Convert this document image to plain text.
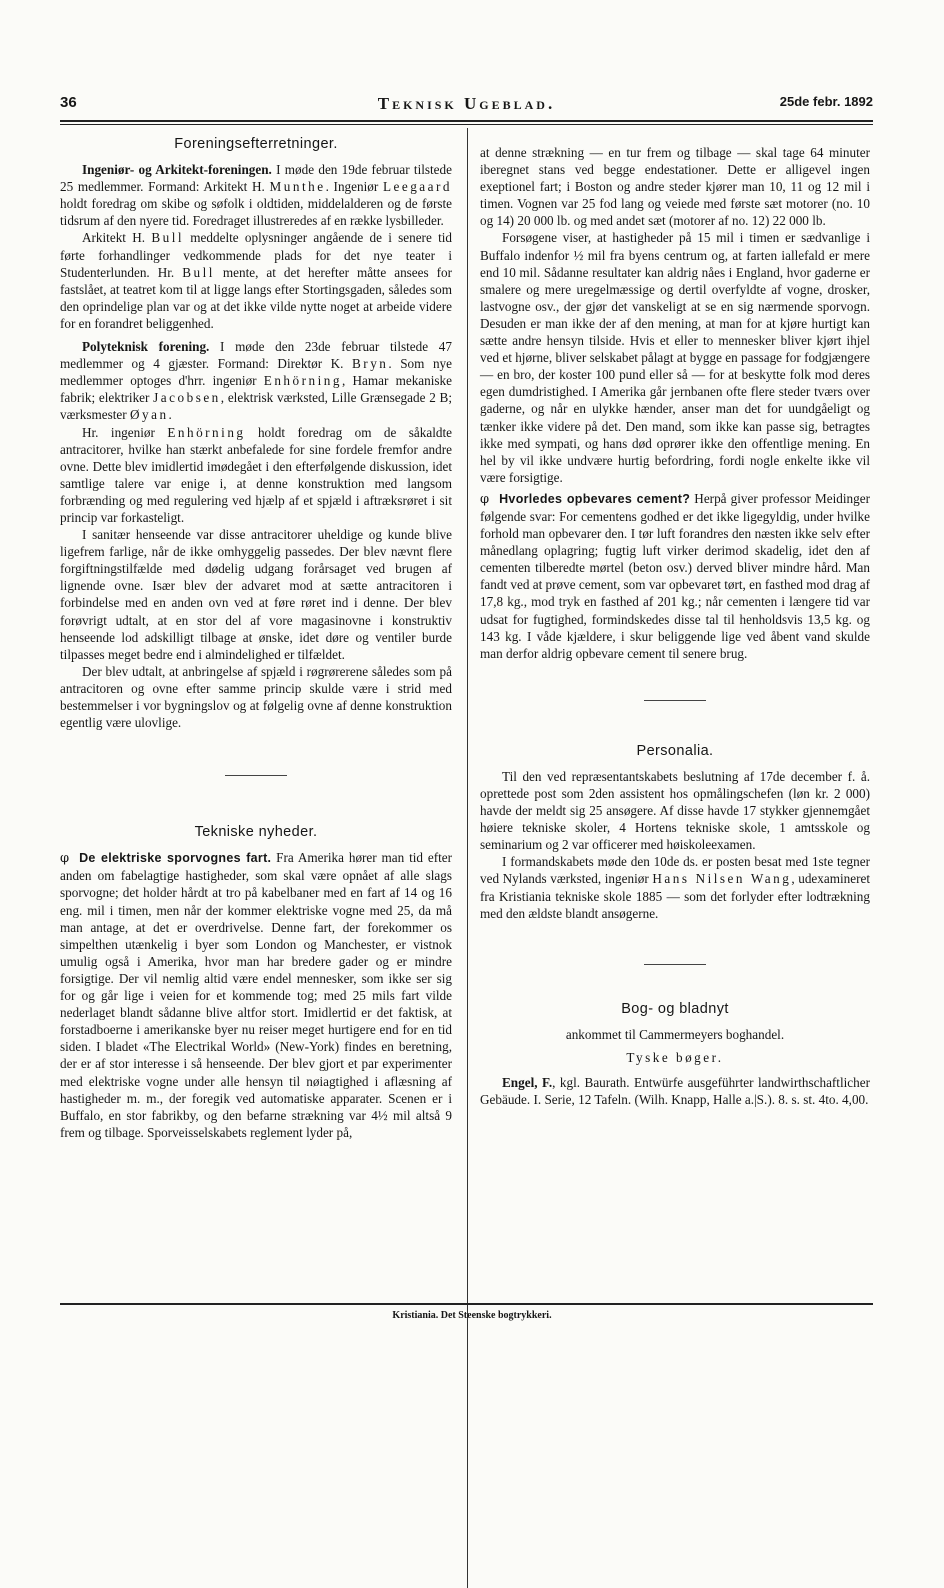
36	Teknisk Ugeblad.	25de febr. 1892
Foreningsefterretninger.

Ingeniør- og Arkitekt-foreningen. I møde den 19de februar tilstede 25 medlemmer. Formand: Arkitekt H. Munthe. Ingeniør Leegaard holdt foredrag om skibe og søfolk i oldtiden, middelalderen og de første tidsrum af den nyere tid. Foredraget illustreredes af en række lysbilleder.

Arkitekt H. Bull meddelte oplysninger angående de i senere tid førte forhandlinger vedkommende plads for det nye teater i Studenterlunden. Hr. Bull mente, at det herefter måtte ansees for fastslået, at teatret kom til at ligge langs efter Stortingsgaden, således som den oprindelige plan var og at det ikke vilde nytte noget at arbeide videre for en forandret beliggenhed.

Polyteknisk forening. I møde den 23de februar tilstede 47 medlemmer og 4 gjæster. Formand: Direktør K. Bryn. Som nye medlemmer optoges d'hrr. ingeniør Enhörning, Hamar mekaniske fabrik; elektriker Jacobsen, elektrisk værksted, Lille Grænsegade 2 B; værksmester Øyan.

Hr. ingeniør Enhörning holdt foredrag om de såkaldte antracitorer, hvilke han stærkt anbefalede for sine fordele fremfor andre ovne. Dette blev imidlertid imødegået i den efterfølgende diskussion, idet samtlige talere var enige i, at denne konstruktion med langsom forbrænding og med regulering ved hjælp af et spjæld i aftræksrøret i sit princip var forkasteligt.

I sanitær henseende var disse antracitorer uheldige og kunde blive ligefrem farlige, når de ikke omhyggelig passedes. Der blev nævnt flere forgiftningstilfælde med dødelig udgang forårsaget ved brugen af lignende ovne. Især blev der advaret mod at sætte antracitoren i forbindelse med en anden ovn ved at føre røret ind i denne. Der blev forøvrigt udtalt, at en stor del af vore magasinovne i konstruktiv henseende lod adskilligt tilbage at ønske, idet døre og ventiler burde tilpasses meget bedre end i almindelighed er tilfældet.

Der blev udtalt, at anbringelse af spjæld i røgrørerene således som på antracitoren og ovne efter samme princip skulde være i strid med bestemmelser i vor bygningslov og at følgelig ovne af denne konstruktion egentlig være ulovlige.

Tekniske nyheder.

φ De elektriske sporvognes fart. Fra Amerika hører man tid efter anden om fabelagtige hastigheder, som skal være opnået af alle slags sporvogne; det holder hårdt at tro på kabelbaner med en fart af 14 og 16 eng. mil i timen, men når der kommer elektriske vogne med 25, da må man antage, at det er overdrivelse. Denne fart, der forekommer os simpelthen utænkelig i byer som London og Manchester, er vistnok umulig også i Amerika, hvor man har bredere gader og er mindre forsigtige. Der vil nemlig altid være endel mennesker, som ikke ser sig for og går lige i veien for et kommende tog; med 25 mils fart vilde nederlaget blandt sådanne blive altfor stort. Imidlertid er det faktisk, at forstadboerne i amerikanske byer nu reiser meget hurtigere end for en tid siden. I bladet «The Electrikal World» (New-York) findes en beretning, der er af stor interesse i så henseende. Der blev gjort et par experimenter med elektriske vogne under alle hensyn til nøiagtighed i aflæsning af hastigheder m. m., der foregik ved automatiske apparater. Scenen er i Buffalo, en stor fabrikby, og den befarne strækning var 4½ mil altså 9 frem og tilbage. Sporveisselskabets reglement lyder på,

at denne strækning — en tur frem og tilbage — skal tage 64 minuter iberegnet stans ved begge endestationer. Dette er alligevel ingen exeptionel fart; i Boston og andre steder kjører man 10, 11 og 12 mil i timen. Vognen var 25 fod lang og veiede med første sæt motorer (no. 10 og 14) 20 000 lb. og med andet sæt (motorer af no. 12) 22 000 lb.

Forsøgene viser, at hastigheder på 15 mil i timen er sædvanlige i Buffalo indenfor ½ mil fra byens centrum og, at farten iallefald er mere end 10 mil. Sådanne resultater kan aldrig nåes i England, hvor gaderne er smalere og mere uregelmæssige og dertil overfyldte af vogne, drosker, lastvogne osv., der gjør det vanskeligt at se en sig nærmende sporvogn. Desuden er man ikke der af den mening, at man for at kjøre hurtigt kan sætte andre hensyn tilside. Hvis et eller to mennesker bliver kjørt ihjel ved et hjørne, bliver selskabet pålagt at bygge en passage for fodgjængere — en bro, der koster 100 pund eller så — for at beskytte folk mod deres egen dumdristighed. I Amerika går jernbanen ofte flere steder tværs over gaderne, og når en ulykke hænder, anser man det for uundgåeligt og tænker ikke videre på det. Den mand, som ikke kan passe sig, betragtes ikke med sympati, og hans død oprører ikke den offentlige mening. En hel by vil ikke undvære hurtig befordring, fordi nogle enkelte ikke vil være forsigtige.

φ Hvorledes opbevares cement? Herpå giver professor Meidinger følgende svar: For cementens godhed er det ikke ligegyldig, under hvilke forhold man opbevarer den. I tør luft forandres den næsten ikke selv efter månedlang oplagring; fugtig luft virker derimod skadelig, idet den af cementen tilberedte mørtel (beton osv.) derved bliver mindre hård. Man fandt ved at prøve cement, som var opbevaret tørt, en fasthed mod drag af 17,8 kg., mod tryk en fasthed af 201 kg.; når cementen i længere tid var udsat for fugtighed, formindskedes disse tal til henholdsvis 13,5 kg. og 143 kg. I våde kjældere, i skur beliggende lige ved åbent vand skulde man derfor aldrig opbevare cement til senere brug.

Personalia.

Til den ved repræsentantskabets beslutning af 17de december f. å. oprettede post som 2den assistent hos opmålingschefen (løn kr. 2 000) havde der meldt sig 25 ansøgere. Af disse havde 17 stykker gjennemgået høiere tekniske skoler, 4 Hortens tekniske skole, 1 amtsskole og seminarium og 2 var officerer med høiskoleexamen.

I formandskabets møde den 10de ds. er posten besat med 1ste tegner ved Nylands værksted, ingeniør Hans Nilsen Wang, udexamineret fra Kristiania tekniske skole 1885 — som det forlyder efter lodtrækning med den ældste blandt ansøgerne.

Bog- og bladnyt

ankommet til Cammermeyers boghandel.

Tyske bøger.

Engel, F., kgl. Baurath. Entwürfe ausgeführter landwirthschaftlicher Gebäude. I. Serie, 12 Tafeln. (Wilh. Knapp, Halle a.|S.). 8. s. st. 4to. 4,00.

Kristiania. Det Steenske bogtrykkeri.
